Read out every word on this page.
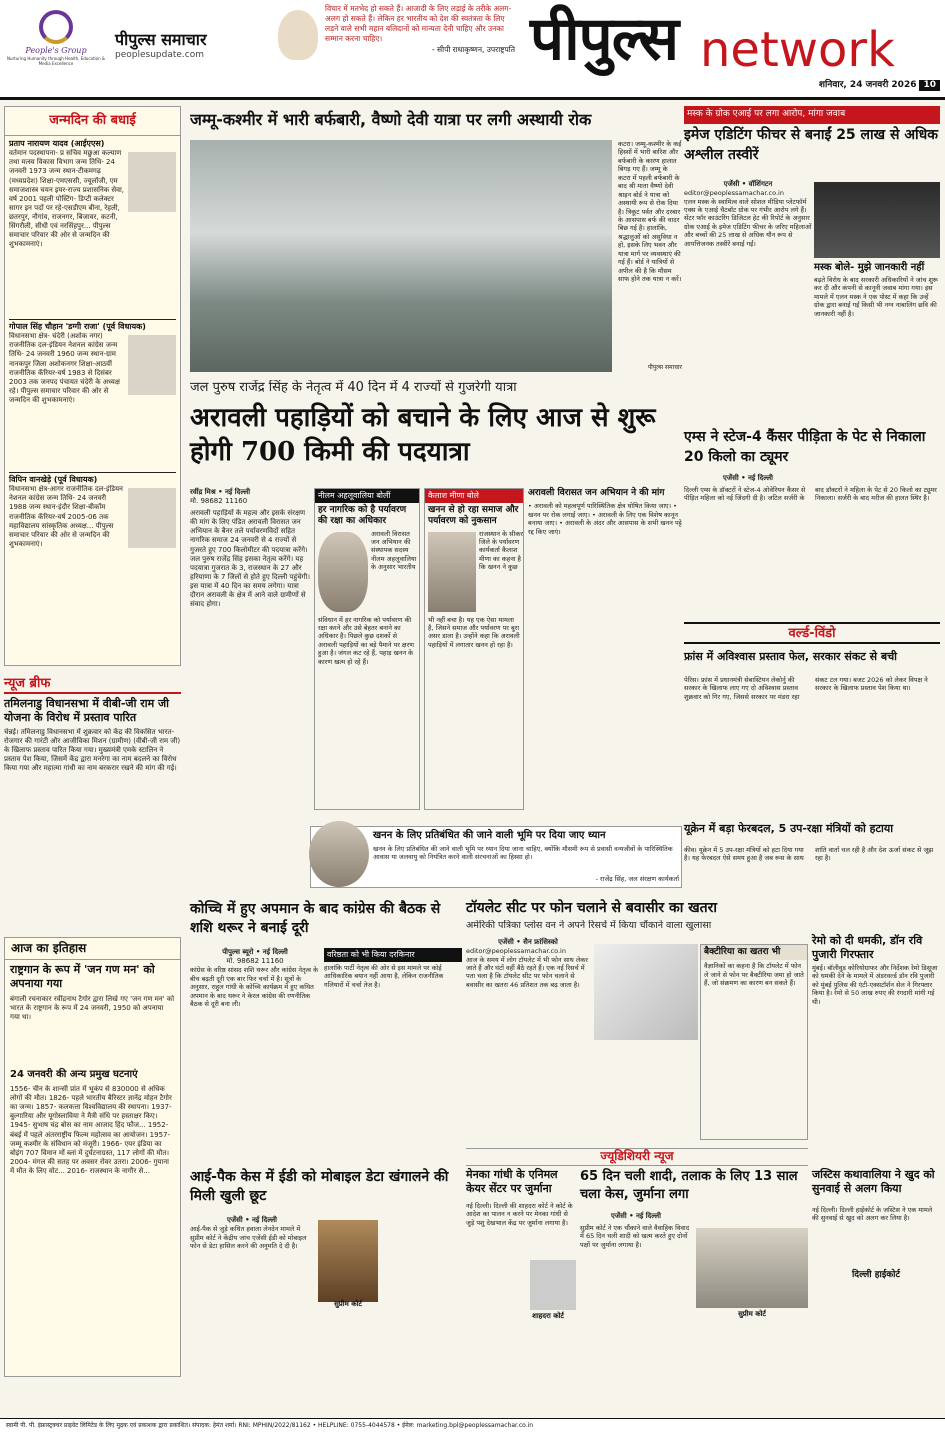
People's Group
Nurturing Humanity through Health, Education & Media Excellence
पीपुल्स समाचार
peoplesupdate.com
विचार में मतभेद हो सकते हैं। आजादी के लिए लड़ाई के तरीके अलग-अलग हो सकते हैं। लेकिन हर भारतीय को देश की स्वतंत्रता के लिए लड़ने वाले सभी महान बलिदानों को मान्यता देनी चाहिए और उनका सम्मान करना चाहिए।
- सीपी राधाकृष्णन, उपराष्ट्रपति पीपुल्स network
शनिवार, 24 जनवरी 2026 10
जन्मदिन की बधाई
प्रताप नारायण यादव (आईएएस)
वर्तमान पदस्थापना- प्र सचिव मछुआ कल्याण तथा मत्स्य विकास विभाग जन्म तिथि- 24 जनवरी 1973 जन्म स्थान-टीकमगढ़ (मध्यप्रदेश) शिक्षा-एमएससी, ज्यूलॉजी, एम समाजशास्त्र चयन इयर-राज्य प्रशासनिक सेवा, वर्ष 2001 पहली पोस्टिंग- डिप्टी कलेक्टर सागर इन पदों पर रहे-एसडीएम बीना, रेहली, छतरपुर, नौगांव, राजनगर, बिजावर, कटनी, सिंगरौली, सीधी एवं नरसिंहपुर... पीपुल्स समाचार परिवार की ओर से जन्मदिन की शुभकामनाएं।
गोपाल सिंह चौहान 'डग्गी राजा' (पूर्व विधायक)
विधानसभा क्षेत्र- चंदेरी (अशोक नगर) राजनीतिक दल-इंडियन नेशनल कांग्रेस जन्म तिथि- 24 जनवरी 1960 जन्म स्थान-ग्राम नानकपुर जिला अशोकनगर शिक्षा-आठवीं राजनीतिक कॅरियर-वर्ष 1983 से दिसंबर 2003 तक जनपद पंचायत चंदेरी के अध्यक्ष रहे। पीपुल्स समाचार परिवार की ओर से जन्मदिन की शुभकामनाएं।
विपिन वानखेड़े (पूर्व विधायक)
विधानसभा क्षेत्र-आगर राजनीतिक दल-इंडियन नेशनल कांग्रेस जन्म तिथि- 24 जनवरी 1988 जन्म स्थान-इंदौर शिक्षा-बीकॉम राजनीतिक कॅरियर-वर्ष 2005-06 तक महाविद्यालय सांस्कृतिक अध्यक्ष... पीपुल्स समाचार परिवार की ओर से जन्मदिन की शुभकामनाएं।
न्यूज ब्रीफ
तमिलनाडु विधानसभा में वीबी-जी राम जी योजना के विरोध में प्रस्ताव पारित
चेन्नई। तमिलनाडु विधानसभा में शुक्रवार को केंद्र की विकसित भारत-रोजगार की गारंटी और आजीविका मिशन (ग्रामीण) (वीबी-जी राम जी) के खिलाफ प्रस्ताव पारित किया गया। मुख्यमंत्री एमके स्टालिन ने प्रस्ताव पेश किया, जिसमें केंद्र द्वारा मनरेगा का नाम बदलने का विरोध किया गया और महात्मा गांधी का नाम बरकरार रखने की मांग की गई।
आज का इतिहास
राष्ट्रगान के रूप में 'जन गण मन' को अपनाया गया
बंगाली रचनाकार रवींद्रनाथ टैगोर द्वारा लिखे गए 'जन गण मन' को भारत के राष्ट्रगान के रूप में 24 जनवरी, 1950 को अपनाया गया था।
24 जनवरी की अन्य प्रमुख घटनाएं
1556- चीन के शान्सी प्रांत में भूकंप से 830000 से अधिक लोगों की मौत। 1826- पहले भारतीय बैरिस्टर ज्ञानेंद्र मोहन टैगोर का जन्म। 1857- कलकत्ता विश्वविद्यालय की स्थापना। 1937- बुल्गारिया और यूगोस्लाविया ने मैत्री संधि पर हस्ताक्षर किए। 1945- सुभाष चंद्र बोस का नाम आजाद हिंद फौज... 1952- बंबई में पहले अंतरराष्ट्रीय फिल्म महोत्सव का आयोजन। 1957- जम्मू कश्मीर के संविधान को मंजूरी। 1966- एयर इंडिया का बोइंग 707 विमान मों ब्लां में दुर्घटनाग्रस्त, 117 लोगों की मौत। 2004- मंगल की सतह पर अवसर रोवर उतरा। 2006- गुयाना में मौत के लिए वोट... 2016- राजस्थान के नागौर से...
जम्मू-कश्मीर में भारी बर्फबारी, वैष्णो देवी यात्रा पर लगी अस्थायी रोक
कटरा। जम्मू-कश्मीर के कई हिस्सों में भारी बारिश और बर्फबारी के कारण हालात बिगड़ गए हैं। जम्मू के कटरा में पहली बर्फबारी के बाद श्री माता वैष्णो देवी श्राइन बोर्ड ने यात्रा को अस्थायी रूप से रोक दिया है। त्रिकूट पर्वत और दरबार के आसपास बर्फ की चादर बिछ गई है। हालांकि, श्रद्धालुओं को असुविधा न हो, इसके लिए भवन और यात्रा मार्ग पर व्यवस्थाएं की गई हैं। बोर्ड ने यात्रियों से अपील की है कि मौसम साफ होने तक यात्रा न करें।
पीपुल्स समाचार
जल पुरुष राजेंद्र सिंह के नेतृत्व में 40 दिन में 4 राज्यों से गुजरेगी यात्रा
अरावली पहाड़ियों को बचाने के लिए आज से शुरू होगी 700 किमी की पदयात्रा
रवींद्र मिश्र • नई दिल्ली
मो. 98682 11160
अरावली पहाड़ियों के महत्व और इसके संरक्षण की मांग के लिए पंडित अरावली विरासत जन अभियान के बैनर तले पर्यावरणविदों सहित नागरिक समाज 24 जनवरी से 4 राज्यों से गुजरते हुए 700 किलोमीटर की पदयात्रा करेंगे। जल पुरुष राजेंद्र सिंह इसका नेतृत्व करेंगे। यह पदयात्रा गुजरात के 3, राजस्थान के 27 और हरियाणा के 7 जिलों से होते हुए दिल्ली पहुंचेगी। इस यात्रा में 40 दिन का समय लगेगा। यात्रा दौरान अरावली के क्षेत्र में आने वाले ग्रामीणों से संवाद होगा।
नीलम अहलूवालिया बोलीं
हर नागरिक को है पर्यावरण की रक्षा का अधिकार
अरावली विरासत जन अभियान की संस्थापक सदस्य नीलम अहलूवालिया के अनुसार भारतीय
संविधान में हर नागरिक को पर्यावरण की रक्षा करने और उसे बेहतर बनाने का अधिकार है। पिछले कुछ दशकों से अरावली पहाड़ियों का बड़े पैमाने पर क्षरण हुआ है। जंगल कट रहे हैं, पहाड़ खनन के कारण खत्म हो रहे हैं।
कैलाश मीणा बोले
खनन से हो रहा समाज और पर्यावरण को नुकसान
राजस्थान के सीकर जिले के पर्यावरण कार्यकर्ता कैलाश मीणा का कहना है कि खनन ने कुछ
भी नहीं बचा है। यह एक ऐसा मामला है, जिसने समाज और पर्यावरण पर बुरा असर डाला है। उन्होंने कहा कि अरावली पहाड़ियों में लगातार खनन हो रहा है।
अरावली विरासत जन अभियान ने की मांग
• अरावली को महत्वपूर्ण पारिस्थितिक क्षेत्र घोषित किया जाए। • खनन पर रोक लगाई जाए। • अरावली के लिए एक विशेष कानून बनाया जाए। • अरावली के अंदर और आसपास के सभी खनन पट्टे रद्द किए जाएं।
खनन के लिए प्रतिबंधित की जाने वाली भूमि पर दिया जाए ध्यान
खनन के लिए प्रतिबंधित की जाने वाली भूमि पर ध्यान दिया जाना चाहिए, क्योंकि मौसमी रूप से प्रवासी वन्यजीवों के पारिस्थितिक आवास या जलवायु को नियंत्रित करने वाली संरचनाओं का हिस्सा हो।
- राजेंद्र सिंह, जल संरक्षण कार्यकर्ता
मस्क के ग्रोक एआई पर लगा आरोप, मांगा जवाब
इमेज एडिटिंग फीचर से बनाईं 25 लाख से अधिक अश्लील तस्वीरें
एजेंसी • वॉशिंगटन
editor@peoplessamachar.co.in
एलन मस्क के स्वामित्व वाले सोशल मीडिया प्लेटफॉर्म एक्स के एआई चैटबॉट ग्रोक पर गंभीर आरोप लगे हैं। सेंटर फॉर काउंटरिंग डिजिटल हेट की रिपोर्ट के अनुसार ग्रोक एआई के इमेज एडिटिंग फीचर के जरिए महिलाओं और बच्चों की 25 लाख से अधिक यौन रूप से आपत्तिजनक तस्वीरें बनाई गईं।
मस्क बोले- मुझे जानकारी नहीं
बढ़ते विरोध के बाद सरकारी अधिकारियों ने जांच शुरू कर दी और कंपनी से कानूनी जवाब मांगा गया। इस मामले में एलन मस्क ने एक पोस्ट में कहा कि उन्हें ग्रोक द्वारा बनाई गई किसी भी नग्न नाबालिग छवि की जानकारी नहीं है।
एम्स ने स्टेज-4 कैंसर पीड़िता के पेट से निकाला 20 किलो का ट्यूमर
एजेंसी • नई दिल्ली
दिल्ली एम्स के डॉक्टरों ने स्टेज-4 ओवेरियन कैंसर से पीड़ित महिला को नई जिंदगी दी है। जटिल सर्जरी के बाद डॉक्टरों ने महिला के पेट से 20 किलो का ट्यूमर निकाला। सर्जरी के बाद मरीज की हालत स्थिर है।
वर्ल्ड-विंडो
फ्रांस में अविश्वास प्रस्ताव फेल, सरकार संकट से बची
पेरिस। फ्रांस में प्रधानमंत्री सेबास्टियन लेकोर्नु की सरकार के खिलाफ लाए गए दो अविश्वास प्रस्ताव शुक्रवार को गिर गए, जिससे सरकार पर मंडरा रहा संकट टल गया। बजट 2026 को लेकर विपक्ष ने सरकार के खिलाफ प्रस्ताव पेश किया था।
यूक्रेन में बड़ा फेरबदल, 5 उप-रक्षा मंत्रियों को हटाया
कीव। यूक्रेन में 5 उप-रक्षा मंत्रियों को हटा दिया गया है। यह फेरबदल ऐसे समय हुआ है जब रूस के साथ शांति वार्ता चल रही है और देश ऊर्जा संकट से जूझ रहा है।
रेमो को दी धमकी, डॉन रवि पुजारी गिरफ्तार
मुंबई। बॉलीवुड कोरियोग्राफर और निर्देशक रेमो डिसूजा को धमकी देने के मामले में अंडरवर्ल्ड डॉन रवि पुजारी को मुंबई पुलिस की एंटी-एक्सटॉर्शन सेल ने गिरफ्तार किया है। रेमो से 50 लाख रुपए की रंगदारी मांगी गई थी।
कोच्चि में हुए अपमान के बाद कांग्रेस की बैठक से शशि थरूर ने बनाई दूरी
पीपुल्स ब्यूरो • नई दिल्ली
मो. 98682 11160
कांग्रेस के वरिष्ठ सांसद शशि थरूर और कांग्रेस नेतृत्व के बीच बढ़ती दूरी एक बार फिर चर्चा में है। सूत्रों के अनुसार, राहुल गांधी के कोच्चि कार्यक्रम में हुए कथित अपमान के बाद थरूर ने केरल कांग्रेस की रणनीतिक बैठक से दूरी बना ली।
वरिष्ठता को भी किया दरकिनार
हालांकि पार्टी नेतृत्व की ओर से इस मामले पर कोई आधिकारिक बयान नहीं आया है, लेकिन राजनीतिक गलियारों में चर्चा तेज है।
टॉयलेट सीट पर फोन चलाने से बवासीर का खतरा
अमेरिकी पत्रिका प्लोस वन ने अपने रिसर्च में किया चौंकाने वाला खुलासा
एजेंसी • सैन फ्रांसिस्को
editor@peoplessamachar.co.in
आज के समय में लोग टॉयलेट में भी फोन साथ लेकर जाते हैं और घंटों वहीं बैठे रहते हैं। एक नई रिसर्च में पता चला है कि टॉयलेट सीट पर फोन चलाने से बवासीर का खतरा 46 प्रतिशत तक बढ़ जाता है।
बैक्टीरिया का खतरा भी
वैज्ञानिकों का कहना है कि टॉयलेट में फोन ले जाने से फोन पर बैक्टीरिया जमा हो जाते हैं, जो संक्रमण का कारण बन सकते हैं।
ज्यूडिशियरी न्यूज
आई-पैक केस में ईडी को मोबाइल डेटा खंगालने की मिली खुली छूट
एजेंसी • नई दिल्ली
आई-पैक से जुड़े कथित हवाला लेनदेन मामले में सुप्रीम कोर्ट ने केंद्रीय जांच एजेंसी ईडी को मोबाइल फोन से डेटा हासिल करने की अनुमति दे दी है।
सुप्रीम कोर्ट
मेनका गांधी के एनिमल केयर सेंटर पर जुर्माना
नई दिल्ली। दिल्ली की शाहदरा कोर्ट ने कोर्ट के आदेश का पालन न करने पर मेनका गांधी से जुड़े पशु देखभाल केंद्र पर जुर्माना लगाया है।
शाहदरा कोर्ट
65 दिन चली शादी, तलाक के लिए 13 साल चला केस, जुर्माना लगा
एजेंसी • नई दिल्ली
सुप्रीम कोर्ट ने एक चौंकाने वाले वैवाहिक विवाद में 65 दिन चली शादी को खत्म करते हुए दोनों पक्षों पर जुर्माना लगाया है।
सुप्रीम कोर्ट
जस्टिस कथावालिया ने खुद को सुनवाई से अलग किया
नई दिल्ली। दिल्ली हाईकोर्ट के जस्टिस ने एक मामले की सुनवाई से खुद को अलग कर लिया है।
दिल्ली हाईकोर्ट
स्वामी पी. पी. इंफ्रास्ट्रक्चर प्राइवेट लिमिटेड के लिए मुद्रक एवं प्रकाशक द्वारा प्रकाशित। संपादक: हेमंत शर्मा। RNI: MPHIN/2022/81162 • HELPLINE: 0755-4044578 • ईमेल: marketing.bpl@peoplessamachar.co.in
